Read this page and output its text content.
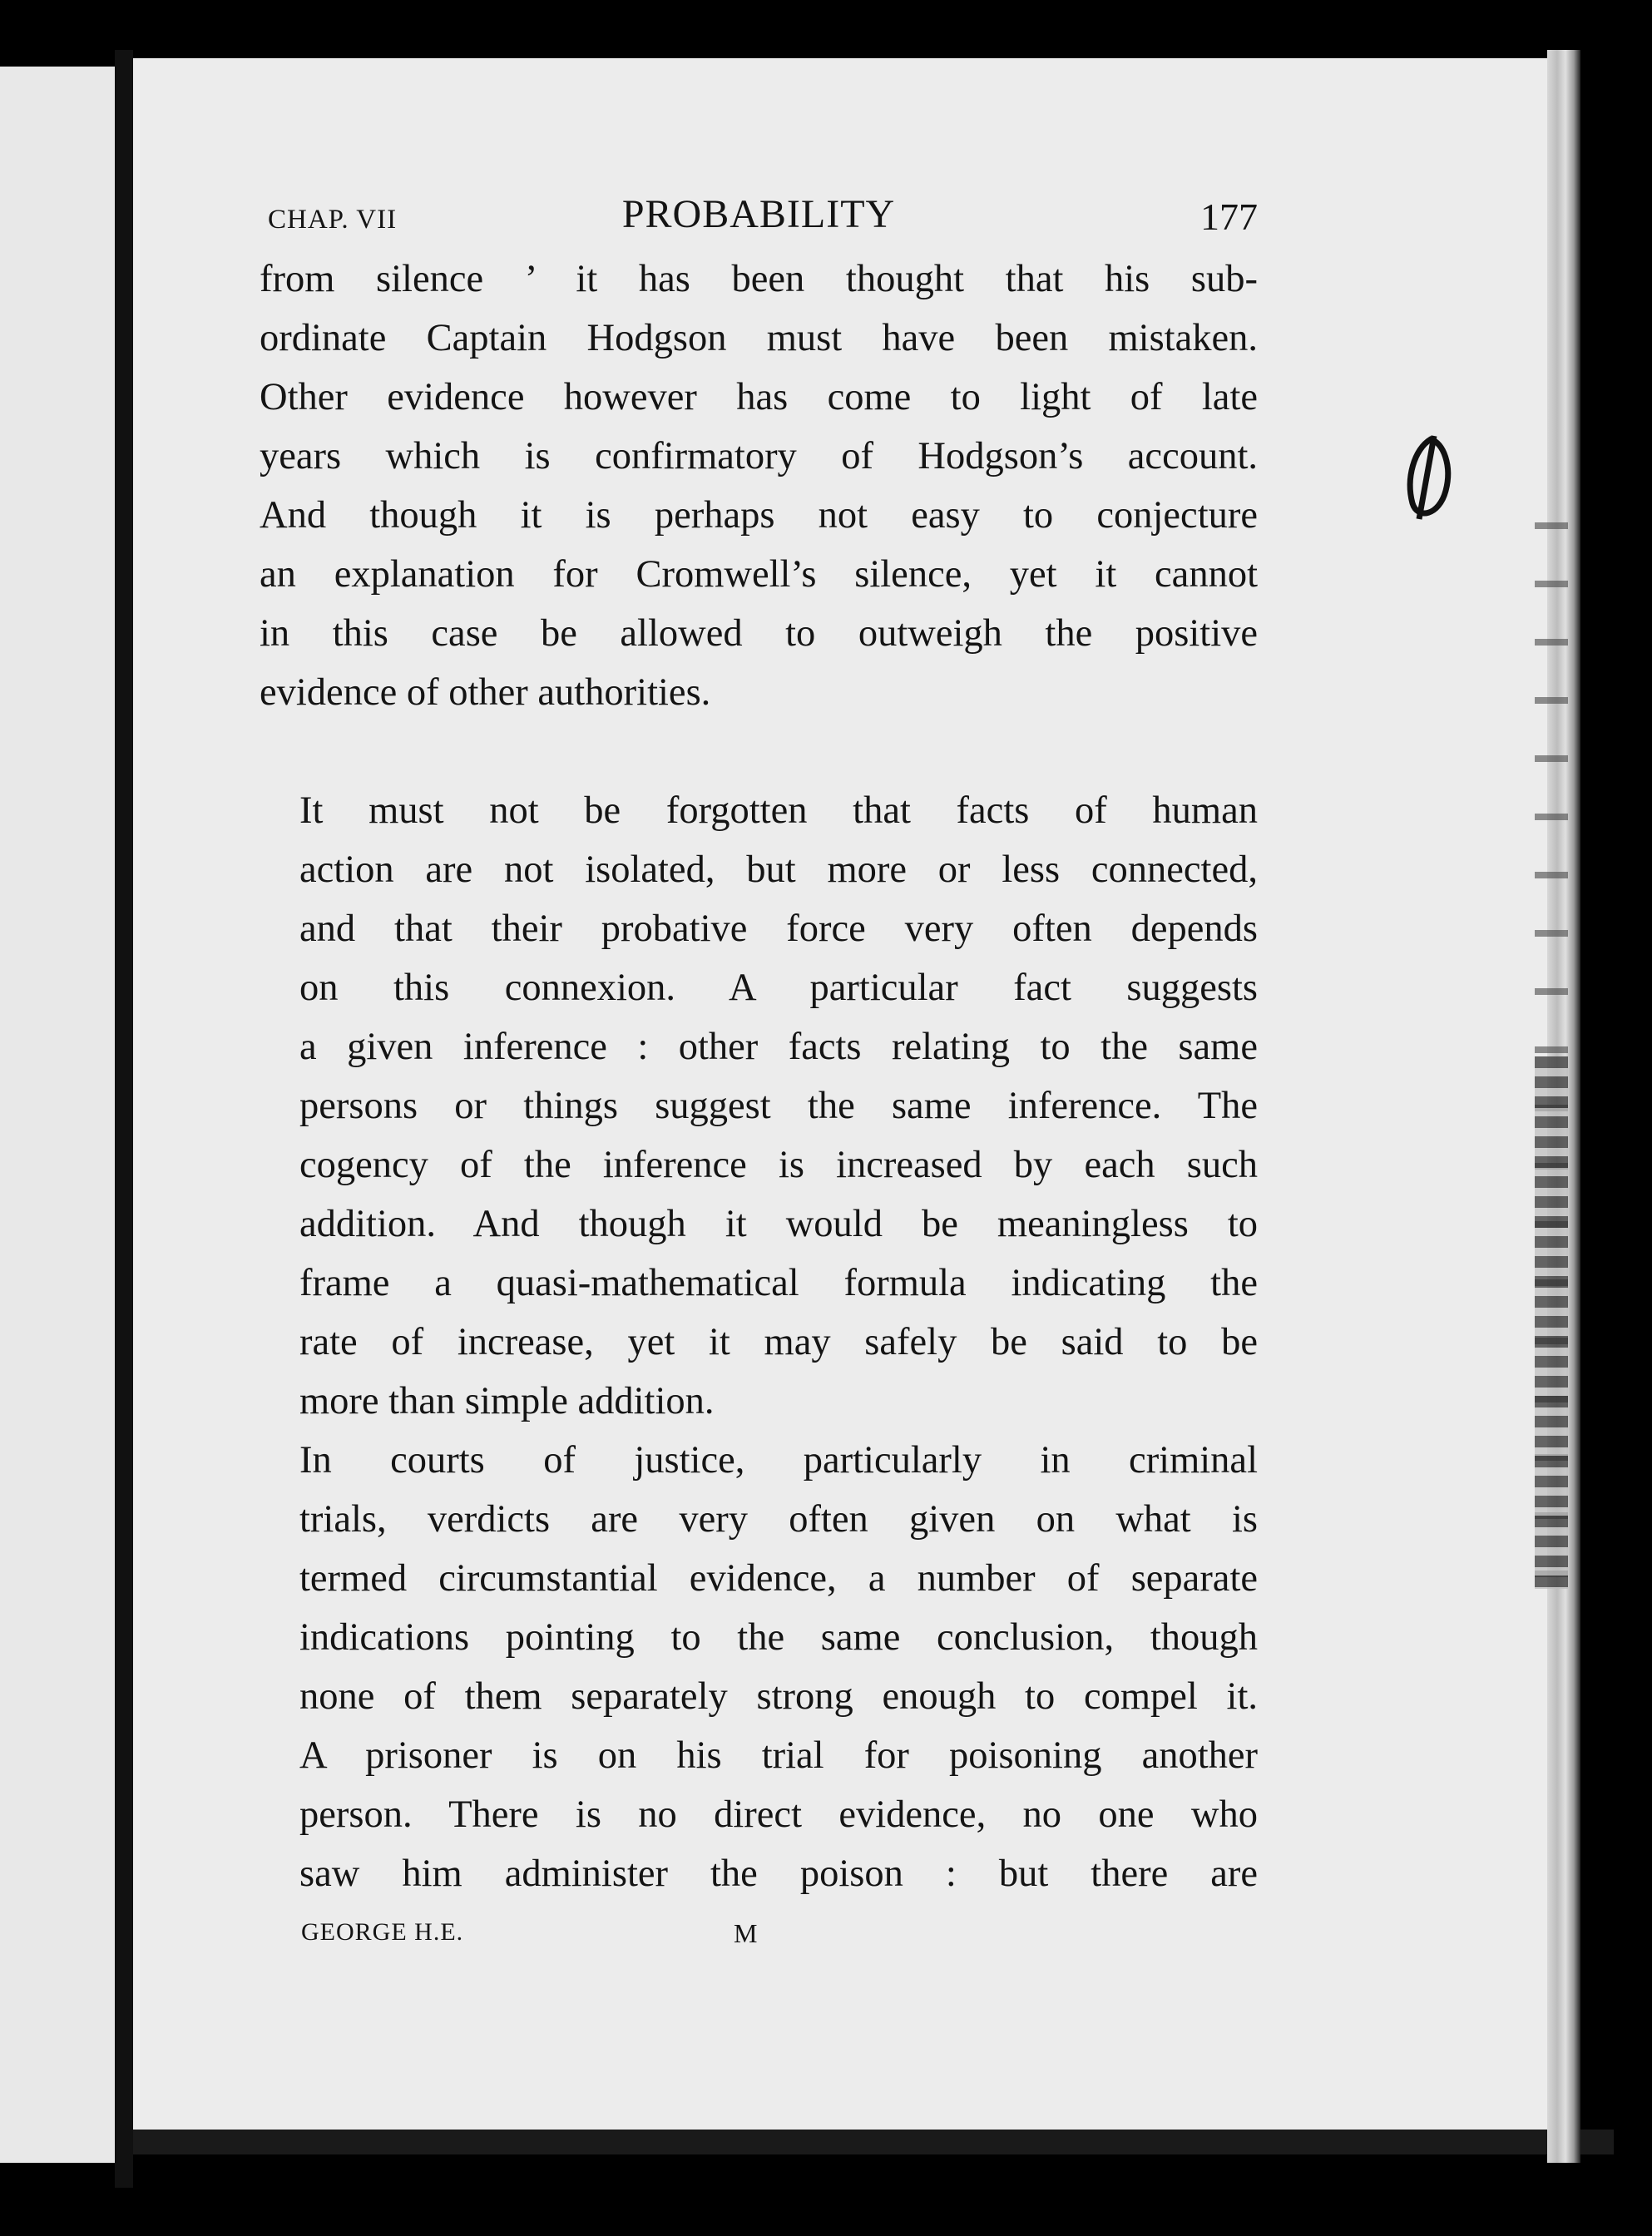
CHAP. VII	PROBABILITY	177

from silence ’ it has been thought that his sub-
ordinate Captain Hodgson must have been mistaken.
Other evidence however has come to light of late
years which is confirmatory of Hodgson’s account.
And though it is perhaps not easy to conjecture
an explanation for Cromwell’s silence, yet it cannot
in this case be allowed to outweigh the positive
evidence of other authorities.

It must not be forgotten that facts of human
action are not isolated, but more or less connected,
and that their probative force very often depends
on this connexion. A particular fact suggests
a given inference : other facts relating to the same
persons or things suggest the same inference. The
cogency of the inference is increased by each such
addition. And though it would be meaningless to
frame a quasi-mathematical formula indicating the
rate of increase, yet it may safely be said to be
more than simple addition.

In courts of justice, particularly in criminal
trials, verdicts are very often given on what is
termed circumstantial evidence, a number of separate
indications pointing to the same conclusion, though
none of them separately strong enough to compel it.
A prisoner is on his trial for poisoning another
person. There is no direct evidence, no one who
saw him administer the poison : but there are

GEORGE H.E.	M
